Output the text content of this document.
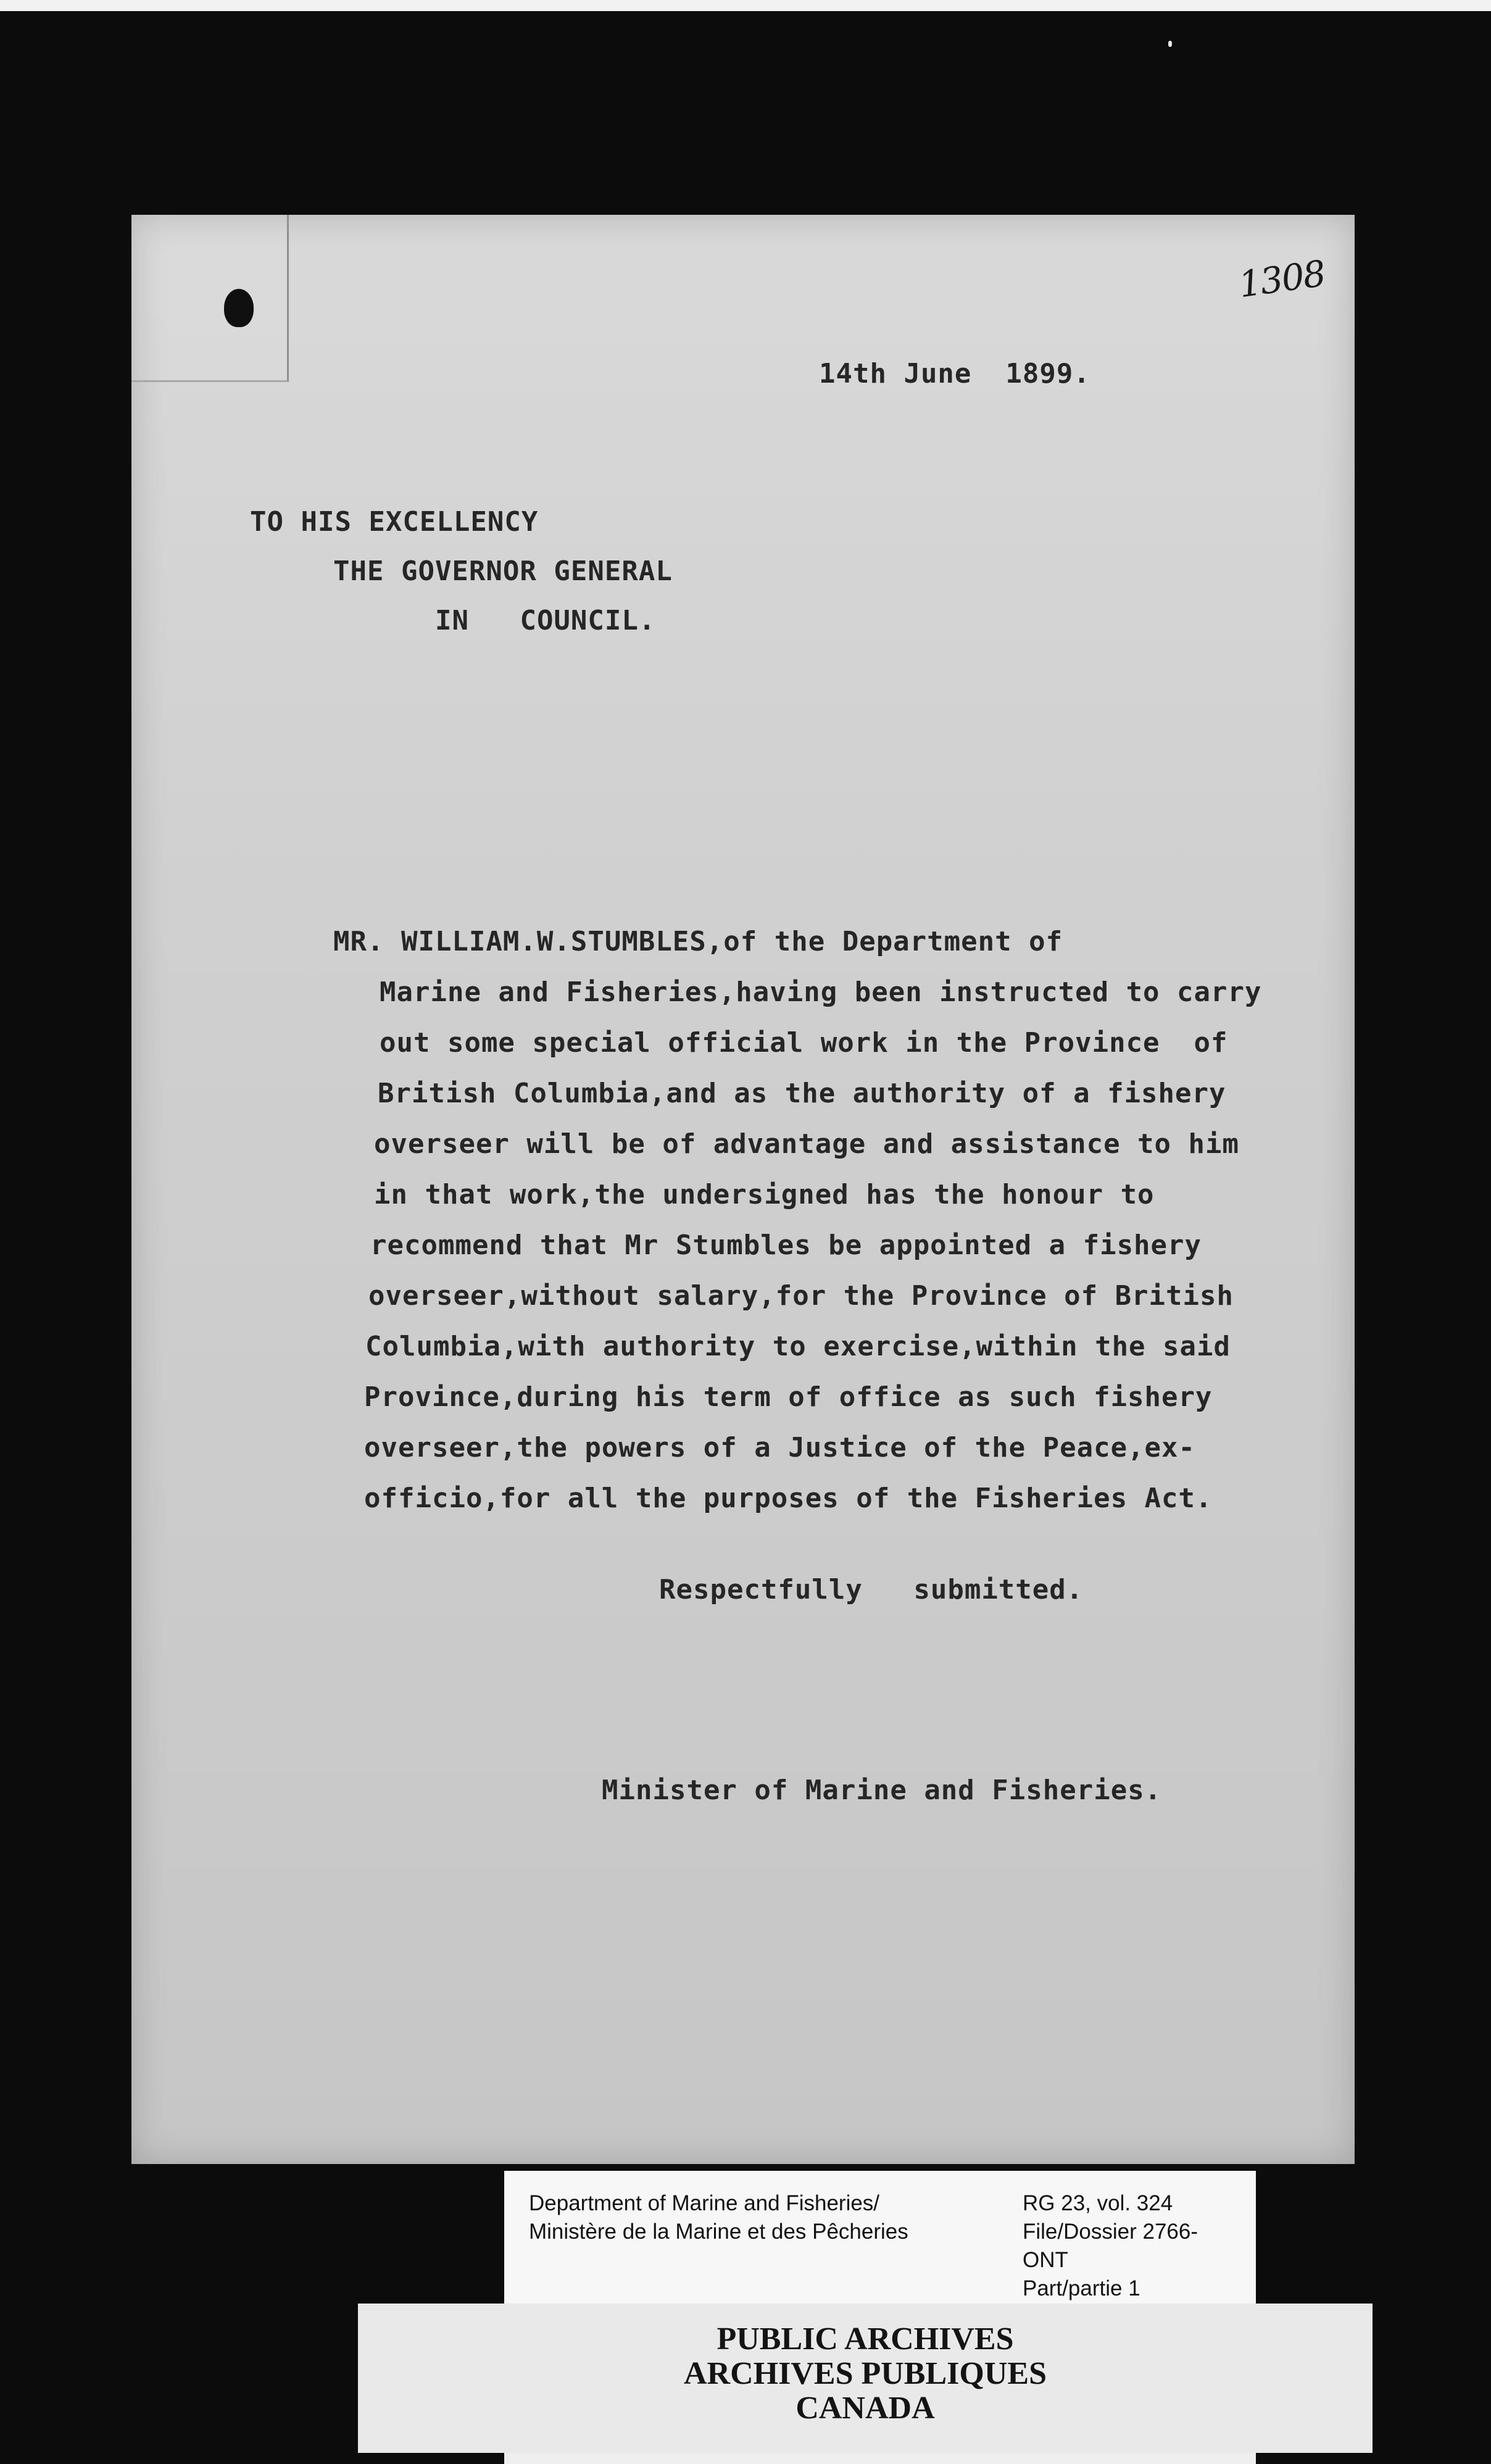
1308
14th June  1899.
TO HIS EXCELLENCY
THE GOVERNOR GENERAL
IN   COUNCIL.
MR. WILLIAM.W.STUMBLES,of the Department of
Marine and Fisheries,having been instructed to carry
out some special official work in the Province  of
British Columbia,and as the authority of a fishery
overseer will be of advantage and assistance to him
in that work,the undersigned has the honour to
recommend that Mr Stumbles be appointed a fishery
overseer,without salary,for the Province of British
Columbia,with authority to exercise,within the said
Province,during his term of office as such fishery
overseer,the powers of a Justice of the Peace,ex-
officio,for all the purposes of the Fisheries Act.
Respectfully   submitted.
Minister of Marine and Fisheries.
Department of Marine and Fisheries/
Ministère de la Marine et des Pêcheries
RG 23, vol. 324
File/Dossier 2766-
ONT
Part/partie 1
PUBLIC ARCHIVES
ARCHIVES PUBLIQUES
CANADA
